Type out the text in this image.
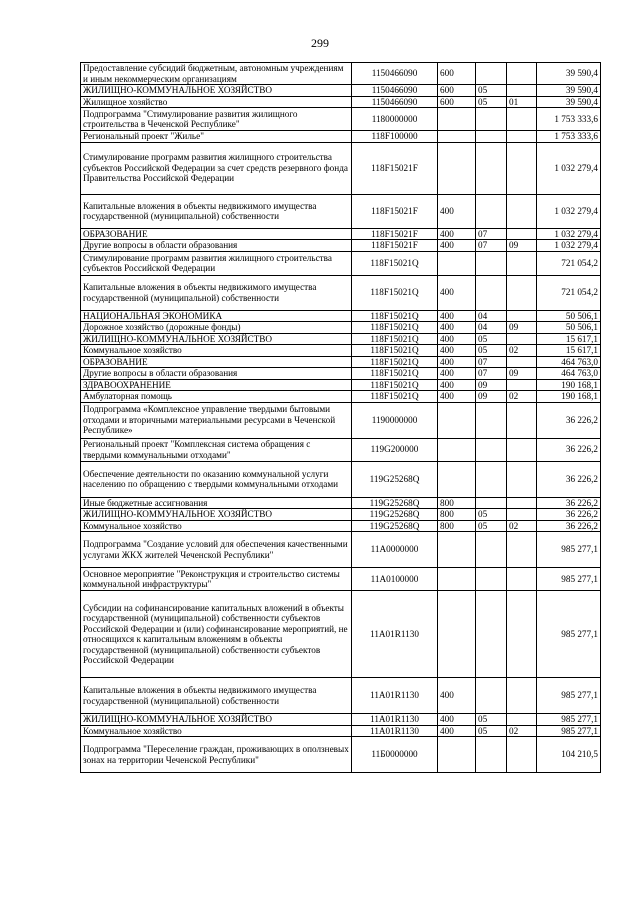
299
Предоставление субсидий бюджетным, автономным учреждениям и иным некоммерческим организациям	1150466090	600			39 590,4
ЖИЛИЩНО-КОММУНАЛЬНОЕ ХОЗЯЙСТВО	1150466090	600	05		39 590,4
Жилищное хозяйство	1150466090	600	05	01	39 590,4
Подпрограмма "Стимулирование развития жилищного строительства в Чеченской Республике"	1180000000				1 753 333,6
Региональный проект "Жилье"	118F100000				1 753 333,6
Стимулирование программ развития жилищного строительства субъектов Российской Федерации за счет средств резервного фонда Правительства Российской Федерации	118F15021F				1 032 279,4
Капитальные вложения в объекты недвижимого имущества государственной (муниципальной) собственности	118F15021F	400			1 032 279,4
ОБРАЗОВАНИЕ	118F15021F	400	07		1 032 279,4
Другие вопросы в области образования	118F15021F	400	07	09	1 032 279,4
Стимулирование программ развития жилищного строительства субъектов Российской Федерации	118F15021Q				721 054,2
Капитальные вложения в объекты недвижимого имущества государственной (муниципальной) собственности	118F15021Q	400			721 054,2
НАЦИОНАЛЬНАЯ ЭКОНОМИКА	118F15021Q	400	04		50 506,1
Дорожное хозяйство (дорожные фонды)	118F15021Q	400	04	09	50 506,1
ЖИЛИЩНО-КОММУНАЛЬНОЕ ХОЗЯЙСТВО	118F15021Q	400	05		15 617,1
Коммунальное хозяйство	118F15021Q	400	05	02	15 617,1
ОБРАЗОВАНИЕ	118F15021Q	400	07		464 763,0
Другие вопросы в области образования	118F15021Q	400	07	09	464 763,0
ЗДРАВООХРАНЕНИЕ	118F15021Q	400	09		190 168,1
Амбулаторная помощь	118F15021Q	400	09	02	190 168,1
Подпрограмма «Комплексное управление твердыми бытовыми отходами и вторичными материальными ресурсами в Чеченской Республике»	1190000000				36 226,2
Региональный проект "Комплексная система обращения с твердыми коммунальными отходами"	119G200000				36 226,2
Обеспечение деятельности по оказанию коммунальной услуги населению по обращению с твердыми коммунальными отходами	119G25268Q				36 226,2
Иные бюджетные ассигнования	119G25268Q	800			36 226,2
ЖИЛИЩНО-КОММУНАЛЬНОЕ ХОЗЯЙСТВО	119G25268Q	800	05		36 226,2
Коммунальное хозяйство	119G25268Q	800	05	02	36 226,2
Подпрограмма "Создание условий для обеспечения качественными услугами ЖКХ жителей Чеченской Республики"	11А0000000				985 277,1
Основное мероприятие "Реконструкция и строительство системы коммунальной инфраструктуры"	11А0100000				985 277,1
Субсидии на софинансирование капитальных вложений в объекты государственной (муниципальной) собственности субъектов Российской Федерации и (или) софинансирование мероприятий, не относящихся к капитальным вложениям в объекты государственной (муниципальной) собственности субъектов Российской Федерации	11А01R1130				985 277,1
Капитальные вложения в объекты недвижимого имущества государственной (муниципальной) собственности	11А01R1130	400			985 277,1
ЖИЛИЩНО-КОММУНАЛЬНОЕ ХОЗЯЙСТВО	11А01R1130	400	05		985 277,1
Коммунальное хозяйство	11А01R1130	400	05	02	985 277,1
Подпрограмма "Переселение граждан, проживающих в оползневых зонах на территории Чеченской Республики"	11Б0000000				104 210,5
